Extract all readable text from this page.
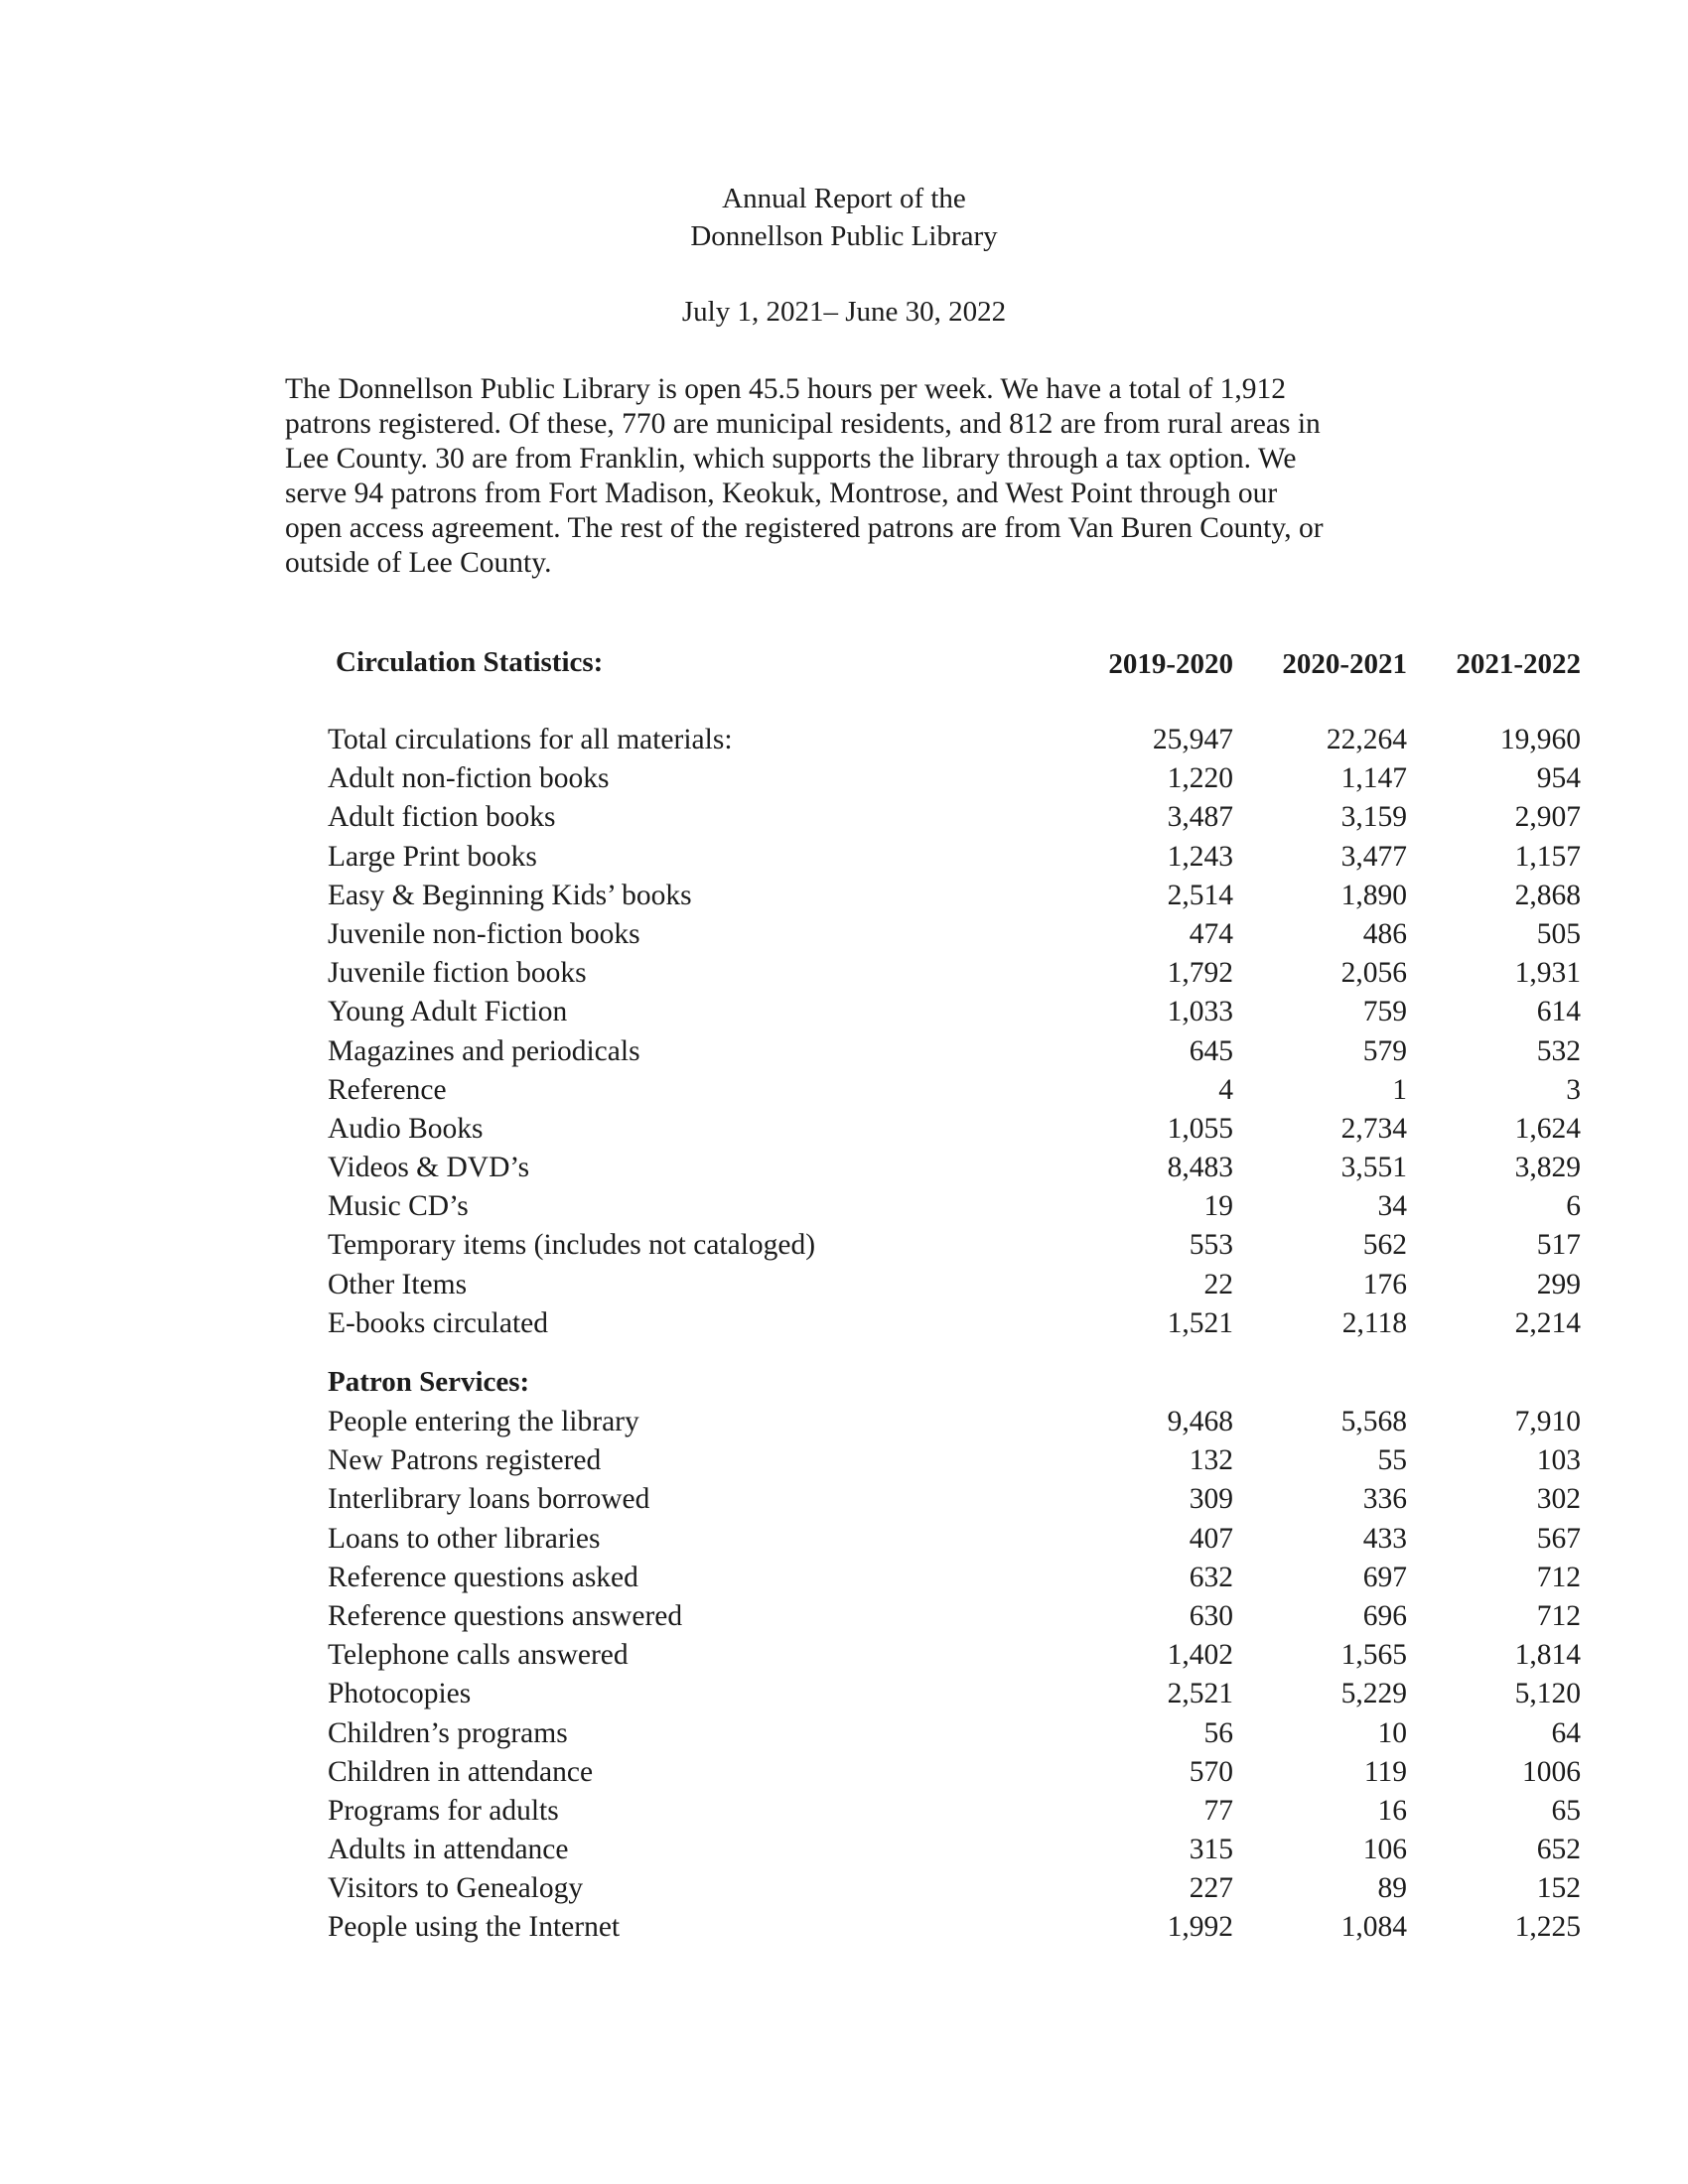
Annual Report of the
Donnellson Public Library
July 1, 2021– June 30, 2022
The Donnellson Public Library is open 45.5 hours per week. We have a total of 1,912
patrons registered. Of these, 770 are municipal residents, and 812 are from rural areas in
Lee County. 30 are from Franklin, which supports the library through a tax option. We
serve 94 patrons from Fort Madison, Keokuk, Montrose, and West Point through our
open access agreement. The rest of the registered patrons are from Van Buren County, or
outside of Lee County.
Circulation Statistics:	2019-2020	2020-2021	2021-2022
Total circulations for all materials:	25,947	22,264	19,960
Adult non-fiction books	1,220	1,147	954
Adult fiction books	3,487	3,159	2,907
Large Print books	1,243	3,477	1,157
Easy & Beginning Kids’ books	2,514	1,890	2,868
Juvenile non-fiction books	474	486	505
Juvenile fiction books	1,792	2,056	1,931
Young Adult Fiction	1,033	759	614
Magazines and periodicals	645	579	532
Reference	4	1	3
Audio Books	1,055	2,734	1,624
Videos & DVD’s	8,483	3,551	3,829
Music CD’s	19	34	6
Temporary items (includes not cataloged)	553	562	517
Other Items	22	176	299
E-books circulated	1,521	2,118	2,214
Patron Services:
People entering the library	9,468	5,568	7,910
New Patrons registered	132	55	103
Interlibrary loans borrowed	309	336	302
Loans to other libraries	407	433	567
Reference questions asked	632	697	712
Reference questions answered	630	696	712
Telephone calls answered	1,402	1,565	1,814
Photocopies	2,521	5,229	5,120
Children’s programs	56	10	64
Children in attendance	570	119	1006
Programs for adults	77	16	65
Adults in attendance	315	106	652
Visitors to Genealogy	227	89	152
People using the Internet	1,992	1,084	1,225
